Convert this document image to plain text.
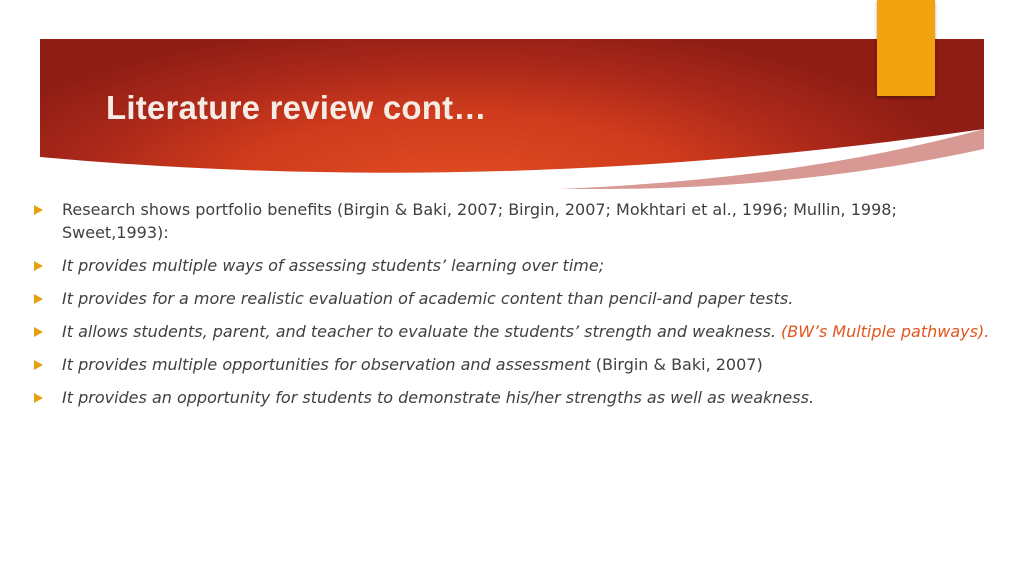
Literature review cont…
Research shows portfolio benefits (Birgin & Baki, 2007; Birgin, 2007; Mokhtari et al., 1996; Mullin, 1998; Sweet,1993):
It provides multiple ways of assessing students’ learning over time;
It provides for a more realistic evaluation of academic content than pencil-and paper tests.
It allows students, parent, and teacher to evaluate the students’ strength and weakness. (BW’s Multiple pathways).
It provides multiple opportunities for observation and assessment (Birgin & Baki, 2007)
It provides an opportunity for students to demonstrate his/her strengths as well as weakness.
